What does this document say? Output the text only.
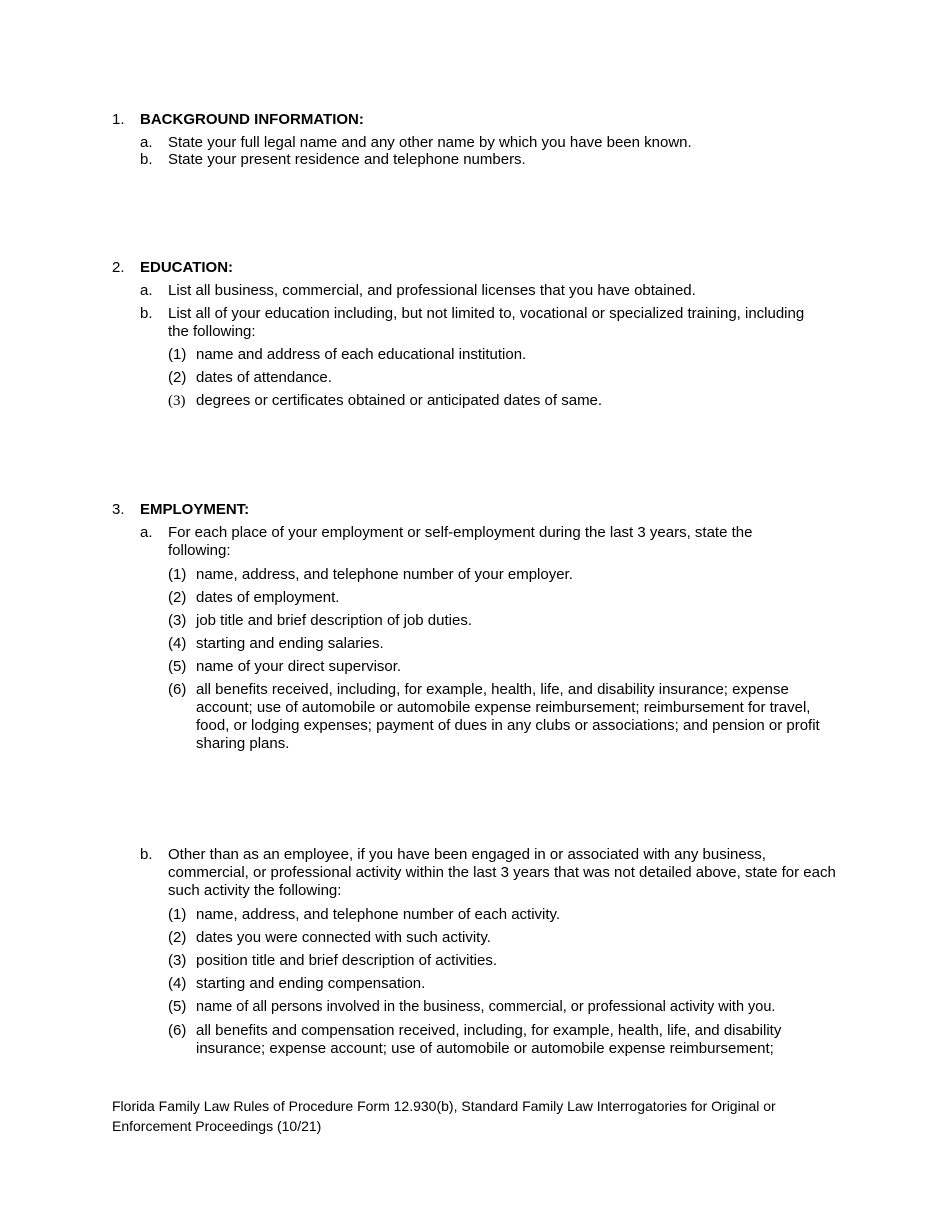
1. BACKGROUND INFORMATION:
a. State your full legal name and any other name by which you have been known.
b. State your present residence and telephone numbers.
2. EDUCATION:
a. List all business, commercial, and professional licenses that you have obtained.
b. List all of your education including, but not limited to, vocational or specialized training, including the following:
(1) name and address of each educational institution.
(2) dates of attendance.
(3) degrees or certificates obtained or anticipated dates of same.
3. EMPLOYMENT:
a. For each place of your employment or self-employment during the last 3 years, state the following:
(1) name, address, and telephone number of your employer.
(2) dates of employment.
(3) job title and brief description of job duties.
(4) starting and ending salaries.
(5) name of your direct supervisor.
(6) all benefits received, including, for example, health, life, and disability insurance; expense account; use of automobile or automobile expense reimbursement; reimbursement for travel, food, or lodging expenses; payment of dues in any clubs or associations; and pension or profit sharing plans.
b. Other than as an employee, if you have been engaged in or associated with any business, commercial, or professional activity within the last 3 years that was not detailed above, state for each such activity the following:
(1) name, address, and telephone number of each activity.
(2) dates you were connected with such activity.
(3) position title and brief description of activities.
(4) starting and ending compensation.
(5) name of all persons involved in the business, commercial, or professional activity with you.
(6) all benefits and compensation received, including, for example, health, life, and disability insurance; expense account; use of automobile or automobile expense reimbursement;
Florida Family Law Rules of Procedure Form 12.930(b), Standard Family Law Interrogatories for Original or Enforcement Proceedings (10/21)
